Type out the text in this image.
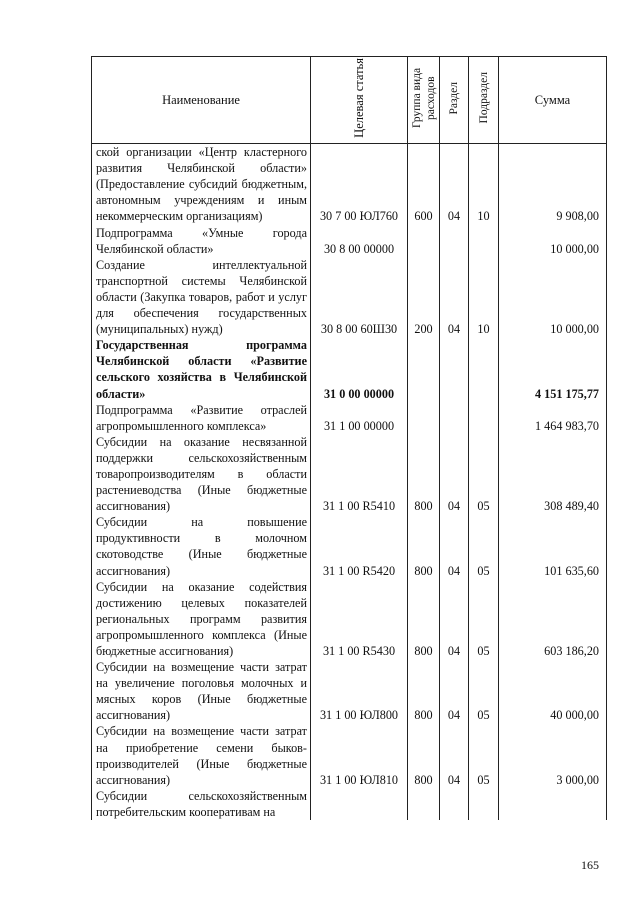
Наименование	Целевая статья	Группа вида расходов	Раздел	Подраздел	Сумма

ской организации «Центр кластерного развития Челябинской области» (Предоставление субсидий бюджетным, автономным учреждениям и иным некоммерческим организациям)	30 7 00 ЮЛ760	600	04	10	9 908,00

Подпрограмма «Умные города Челябинской области»	30 8 00 00000				10 000,00

Создание интеллектуальной транспортной системы Челябинской области (Закупка товаров, работ и услуг для обеспечения государственных (муниципальных) нужд)	30 8 00 60Ш30	200	04	10	10 000,00

Государственная программа Челябинской области «Развитие сельского хозяйства в Челябинской области»	31 0 00 00000				4 151 175,77

Подпрограмма «Развитие отраслей агропромышленного комплекса»	31 1 00 00000				1 464 983,70

Субсидии на оказание несвязанной поддержки сельскохозяйственным товаропроизводителям в области растениеводства (Иные бюджетные ассигнования)	31 1 00 R5410	800	04	05	308 489,40

Субсидии на повышение продуктивности в молочном скотоводстве (Иные бюджетные ассигнования)	31 1 00 R5420	800	04	05	101 635,60

Субсидии на оказание содействия достижению целевых показателей региональных программ развития агропромышленного комплекса (Иные бюджетные ассигнования)	31 1 00 R5430	800	04	05	603 186,20

Субсидии на возмещение части затрат на увеличение поголовья молочных и мясных коров (Иные бюджетные ассигнования)	31 1 00 ЮЛ800	800	04	05	40 000,00

Субсидии на возмещение части затрат на приобретение семени быков-производителей (Иные бюджетные ассигнования)	31 1 00 ЮЛ810	800	04	05	3 000,00

Субсидии сельскохозяйственным потребительским кооперативам на					

165
